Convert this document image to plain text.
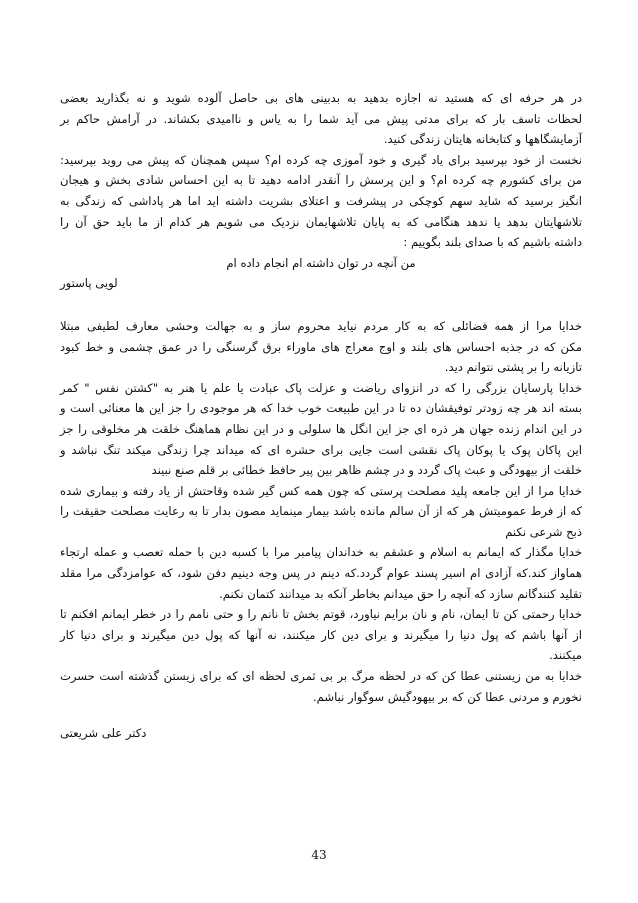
در هر حرفه ای که هستید نه اجازه بدهید به بدبینی های بی حاصل آلوده شوید و نه بگذارید بعضی
لحظات تاسف بار که برای مدتی پیش می آید شما را به یاس و ناامیدی بکشاند. در آرامش حاکم بر
آزمایشگاهها و کتابخانه هایتان زندگی کنید.

نخست از خود بپرسید برای یاد گیری و خود آموزی چه کرده ام؟ سپس همچنان که پیش می روید بپرسید:
من برای کشورم چه کرده ام؟ و این پرسش را آنقدر ادامه دهید تا به این احساس شادی بخش و هیجان
انگیز برسید که شاید سهم کوچکی در پیشرفت و اعتلای بشریت داشته اید اما هر پاداشی که زندگی به
تلاشهایتان بدهد یا ندهد هنگامی که به پایان تلاشهایمان نزدیک می شویم هر کدام از ما باید حق آن را
داشته باشیم که با صدای بلند بگوییم :

من آنچه در توان داشته ام انجام داده ام

لویی پاستور

خدایا مرا از همه فضائلی که به کار مردم نیاید محروم ساز و به جهالت وحشی معارف لطیفی مبتلا
مکن که در جذبه احساس های بلند و اوج معراج های ماوراء برق گرسنگی را در عمق چشمی و خط کبود
تازیانه را بر پشتی نتوانم دید.
خدایا پارسایان بزرگی را که در انزوای ریاضت و عزلت پاک عبادت یا علم یا هنر به "کشتن نفس " کمر
بسته اند هر چه زودتر توفیقشان ده تا در این طبیعت خوب خدا که هر موجودی را جز این ها معنائی است و
در این اندام زنده جهان هر ذره ای جز این انگل ها سلولی و در این نظام هماهنگ خلقت هر مخلوقی را جز
این پاکان پوک یا پوکان پاک نقشی است جایی برای حشره ای که میداند چرا زندگی میکند تنگ نباشد و
خلقت از بیهودگی و عبث پاک گردد و در چشم ظاهر بین پیر حافظ خطائی بر قلم صنع نبیند
خدایا مرا از این جامعه پلید مصلحت پرستی که چون همه کس گیر شده وقاحتش از یاد رفته و بیماری شده
که از فرط عمومیتش هر که از آن سالم مانده باشد بیمار مینماید مصون بدار تا به رعایت مصلحت حقیقت را
ذبح شرعی نکنم
خدایا مگذار که ایمانم به اسلام و عشقم به خداندان پیامبر مرا با کسبه دین با حمله تعصب و عمله ارتجاء
هماواز کند.که آزادی ام اسیر پسند عوام گردد.که دینم در پس وجه دینیم دفن شود، که عوامزدگی مرا مقلد
تقلید کنندگانم سازد که آنچه را حق میدانم بخاطر آنکه بد میدانند کتمان نکنم.
خدایا رحمتی کن تا ایمان، نام و نان برایم نیاورد، قوتم بخش تا نانم را و حتی نامم را در خطر ایمانم افکنم تا
از آنها باشم که پول دنیا را میگیرند و برای دین کار میکنند، نه آنها که پول دین میگیرند و برای دنیا کار
میکنند.
خدایا به من زیستنی عطا کن که در لحظه مرگ بر بی ثمری لحظه ای که برای زیستن گذشته است حسرت
نخورم و مردنی عطا کن که بر بیهودگیش سوگوار نباشم.

دکتر علی شریعتی

43
